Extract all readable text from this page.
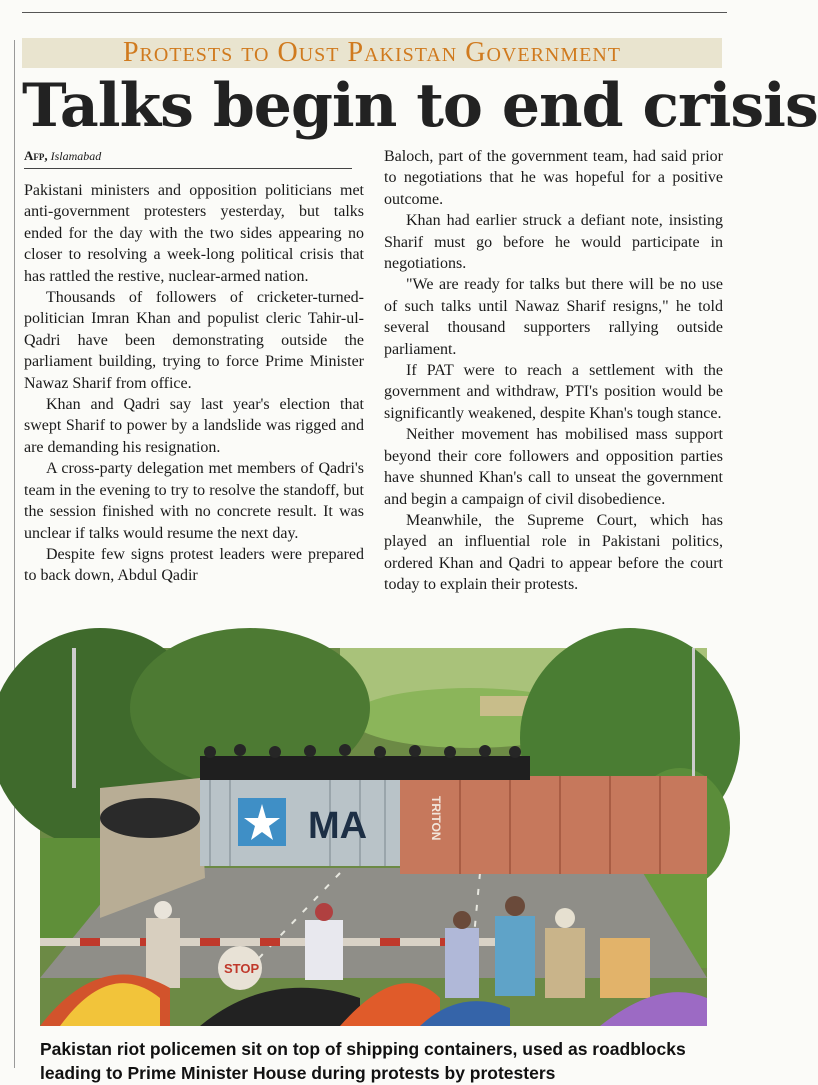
Protests to Oust Pakistan Government
Talks begin to end crisis
Afp, Islamabad

Pakistani ministers and opposition politicians met anti-government protesters yesterday, but talks ended for the day with the two sides appearing no closer to resolving a week-long political crisis that has rattled the restive, nuclear-armed nation.

Thousands of followers of cricketer-turned-politician Imran Khan and populist cleric Tahir-ul-Qadri have been demonstrating outside the parliament building, trying to force Prime Minister Nawaz Sharif from office.

Khan and Qadri say last year's election that swept Sharif to power by a landslide was rigged and are demanding his resignation.

A cross-party delegation met members of Qadri's team in the evening to try to resolve the standoff, but the session finished with no concrete result. It was unclear if talks would resume the next day.

Despite few signs protest leaders were prepared to back down, Abdul Qadir

Baloch, part of the government team, had said prior to negotiations that he was hopeful for a positive outcome.

Khan had earlier struck a defiant note, insisting Sharif must go before he would participate in negotiations.

"We are ready for talks but there will be no use of such talks until Nawaz Sharif resigns," he told several thousand supporters rallying outside parliament.

If PAT were to reach a settlement with the government and withdraw, PTI's position would be significantly weakened, despite Khan's tough stance.

Neither movement has mobilised mass support beyond their core followers and opposition parties have shunned Khan's call to unseat the government and begin a campaign of civil disobedience.

Meanwhile, the Supreme Court, which has played an influential role in Pakistani politics, ordered Khan and Qadri to appear before the court today to explain their protests.

MA	TRITON
STOP
Pakistan riot policemen sit on top of shipping containers, used as roadblocks
leading to Prime Minister House during protests by protesters
